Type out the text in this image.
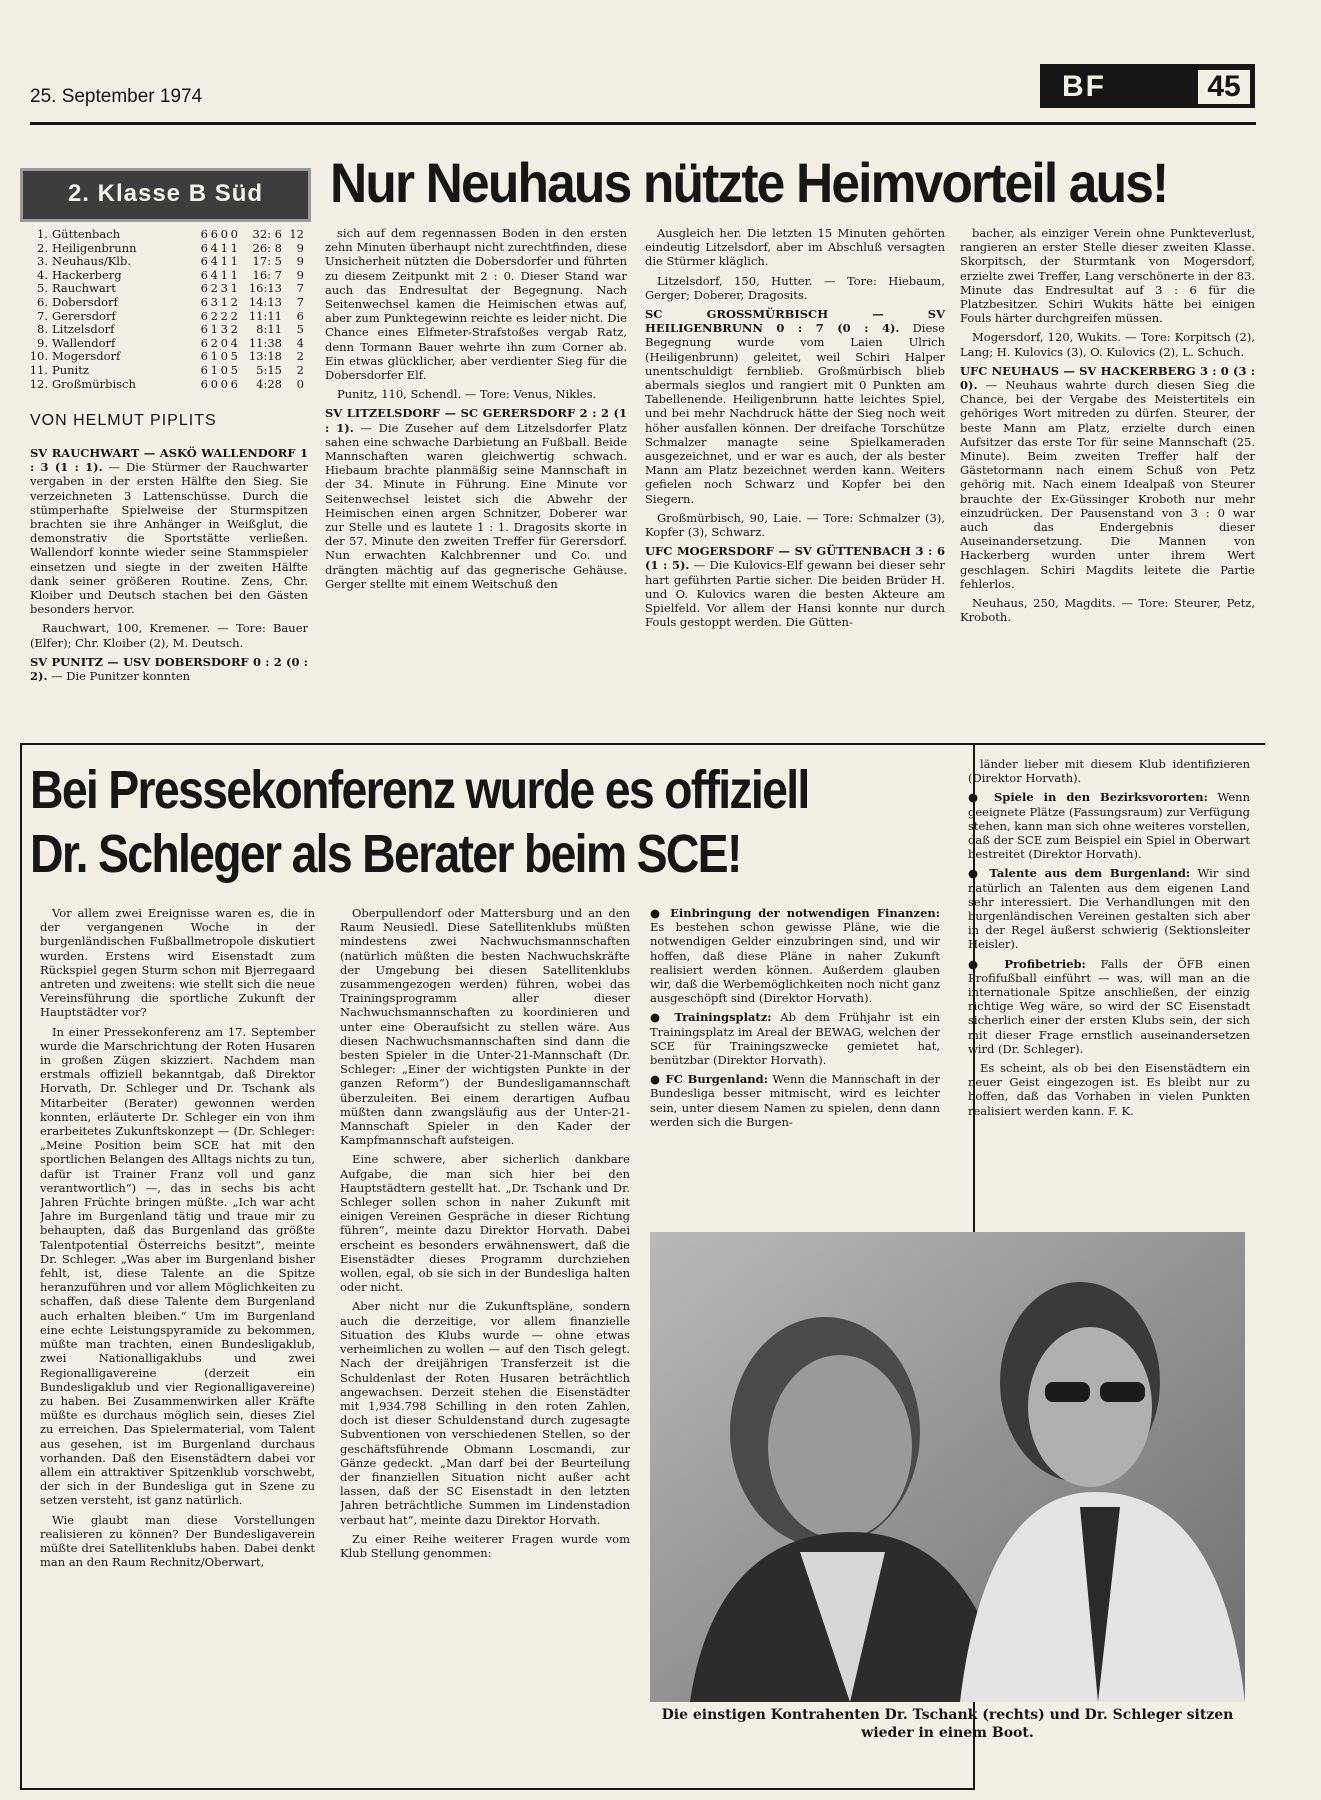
25. September 1974	BF	45
2. Klasse B Süd
1.	Güttenbach	6	6	0	0	32: 6	12
2.	Heiligenbrunn	6	4	1	1	26: 8	9
3.	Neuhaus/Klb.	6	4	1	1	17: 5	9
4.	Hackerberg	6	4	1	1	16: 7	9
5.	Rauchwart	6	2	3	1	16:13	7
6.	Dobersdorf	6	3	1	2	14:13	7
7.	Gerersdorf	6	2	2	2	11:11	6
8.	Litzelsdorf	6	1	3	2	8:11	5
9.	Wallendorf	6	2	0	4	11:38	4
10.	Mogersdorf	6	1	0	5	13:18	2
11.	Punitz	6	1	0	5	5:15	2
12.	Großmürbisch	6	0	0	6	4:28	0
VON HELMUT PIPLITS
Nur Neuhaus nützte Heimvorteil aus!

SV RAUCHWART — ASKÖ WALLENDORF 1 : 3 (1 : 1). — Die Stürmer der Rauchwarter vergaben in der ersten Hälfte den Sieg. Sie verzeichneten 3 Lattenschüsse. Durch die stümperhafte Spielweise der Sturmspitzen brachten sie ihre Anhänger in Weißglut, die demonstrativ die Sportstätte verließen. Wallendorf konnte wieder seine Stammspieler einsetzen und siegte in der zweiten Hälfte dank seiner größeren Routine. Zens, Chr. Kloiber und Deutsch stachen bei den Gästen besonders hervor.

Rauchwart, 100, Kremener. — Tore: Bauer (Elfer); Chr. Kloiber (2), M. Deutsch.

SV PUNITZ — USV DOBERSDORF 0 : 2 (0 : 2). — Die Punitzer konnten

sich auf dem regennassen Boden in den ersten zehn Minuten überhaupt nicht zurechtfinden, diese Unsicherheit nützten die Dobersdorfer und führten zu diesem Zeitpunkt mit 2 : 0. Dieser Stand war auch das Endresultat der Begegnung. Nach Seitenwechsel kamen die Heimischen etwas auf, aber zum Punktegewinn reichte es leider nicht. Die Chance eines Elfmeter-Strafstoßes vergab Ratz, denn Tormann Bauer wehrte ihn zum Corner ab. Ein etwas glücklicher, aber verdienter Sieg für die Dobersdorfer Elf.

Punitz, 110, Schendl. — Tore: Venus, Nikles.

SV LITZELSDORF — SC GERERSDORF 2 : 2 (1 : 1). — Die Zuseher auf dem Litzelsdorfer Platz sahen eine schwache Darbietung an Fußball. Beide Mannschaften waren gleichwertig schwach. Hiebaum brachte planmäßig seine Mannschaft in der 34. Minute in Führung. Eine Minute vor Seitenwechsel leistet sich die Abwehr der Heimischen einen argen Schnitzer, Doberer war zur Stelle und es lautete 1 : 1. Dragosits skorte in der 57. Minute den zweiten Treffer für Gerersdorf. Nun erwachten Kalchbrenner und Co. und drängten mächtig auf das gegnerische Gehäuse. Gerger stellte mit einem Weitschuß den

Ausgleich her. Die letzten 15 Minuten gehörten eindeutig Litzelsdorf, aber im Abschluß versagten die Stürmer kläglich.

Litzelsdorf, 150, Hutter. — Tore: Hiebaum, Gerger; Doberer, Dragosits.

SC GROSSMÜRBISCH — SV HEILIGENBRUNN 0 : 7 (0 : 4). Diese Begegnung wurde vom Laien Ulrich (Heiligenbrunn) geleitet, weil Schiri Halper unentschuldigt fernblieb. Großmürbisch blieb abermals sieglos und rangiert mit 0 Punkten am Tabellenende. Heiligenbrunn hatte leichtes Spiel, und bei mehr Nachdruck hätte der Sieg noch weit höher ausfallen können. Der dreifache Torschütze Schmalzer managte seine Spielkameraden ausgezeichnet, und er war es auch, der als bester Mann am Platz bezeichnet werden kann. Weiters gefielen noch Schwarz und Kopfer bei den Siegern.

Großmürbisch, 90, Laie. — Tore: Schmalzer (3), Kopfer (3), Schwarz.

UFC MOGERSDORF — SV GÜTTENBACH 3 : 6 (1 : 5). — Die Kulovics-Elf gewann bei dieser sehr hart geführten Partie sicher. Die beiden Brüder H. und O. Kulovics waren die besten Akteure am Spielfeld. Vor allem der Hansi konnte nur durch Fouls gestoppt werden. Die Gütten-

bacher, als einziger Verein ohne Punkteverlust, rangieren an erster Stelle dieser zweiten Klasse. Skorpitsch, der Sturmtank von Mogersdorf, erzielte zwei Treffer, Lang verschönerte in der 83. Minute das Endresultat auf 3 : 6 für die Platzbesitzer. Schiri Wukits hätte bei einigen Fouls härter durchgreifen müssen.

Mogersdorf, 120, Wukits. — Tore: Korpitsch (2), Lang; H. Kulovics (3), O. Kulovics (2), L. Schuch.

UFC NEUHAUS — SV HACKERBERG 3 : 0 (3 : 0). — Neuhaus wahrte durch diesen Sieg die Chance, bei der Vergabe des Meistertitels ein gehöriges Wort mitreden zu dürfen. Steurer, der beste Mann am Platz, erzielte durch einen Aufsitzer das erste Tor für seine Mannschaft (25. Minute). Beim zweiten Treffer half der Gästetormann nach einem Schuß von Petz gehörig mit. Nach einem Idealpaß von Steurer brauchte der Ex-Güssinger Kroboth nur mehr einzudrücken. Der Pausenstand von 3 : 0 war auch das Endergebnis dieser Auseinandersetzung. Die Mannen von Hackerberg wurden unter ihrem Wert geschlagen. Schiri Magdits leitete die Partie fehlerlos.

Neuhaus, 250, Magdits. — Tore: Steurer, Petz, Kroboth.

Bei Pressekonferenz wurde es offiziell
Dr. Schleger als Berater beim SCE!

Vor allem zwei Ereignisse waren es, die in der vergangenen Woche in der burgenländischen Fußballmetropole diskutiert wurden. Erstens wird Eisenstadt zum Rückspiel gegen Sturm schon mit Bjerregaard antreten und zweitens: wie stellt sich die neue Vereinsführung die sportliche Zukunft der Hauptstädter vor?

In einer Pressekonferenz am 17. September wurde die Marschrichtung der Roten Husaren in großen Zügen skizziert. Nachdem man erstmals offiziell bekanntgab, daß Direktor Horvath, Dr. Schleger und Dr. Tschank als Mitarbeiter (Berater) gewonnen werden konnten, erläuterte Dr. Schleger ein von ihm erarbeitetes Zukunftskonzept — (Dr. Schleger: „Meine Position beim SCE hat mit den sportlichen Belangen des Alltags nichts zu tun, dafür ist Trainer Franz voll und ganz verantwortlich“) —, das in sechs bis acht Jahren Früchte bringen müßte. „Ich war acht Jahre im Burgenland tätig und traue mir zu behaupten, daß das Burgenland das größte Talentpotential Österreichs besitzt“, meinte Dr. Schleger. „Was aber im Burgenland bisher fehlt, ist, diese Talente an die Spitze heranzuführen und vor allem Möglichkeiten zu schaffen, daß diese Talente dem Burgenland auch erhalten bleiben.“ Um im Burgenland eine echte Leistungspyramide zu bekommen, müßte man trachten, einen Bundesligaklub, zwei Nationalligaklubs und zwei Regionalligavereine (derzeit ein Bundesligaklub und vier Regionalligavereine) zu haben. Bei Zusammenwirken aller Kräfte müßte es durchaus möglich sein, dieses Ziel zu erreichen. Das Spielermaterial, vom Talent aus gesehen, ist im Burgenland durchaus vorhanden. Daß den Eisenstädtern dabei vor allem ein attraktiver Spitzenklub vorschwebt, der sich in der Bundesliga gut in Szene zu setzen versteht, ist ganz natürlich.

Wie glaubt man diese Vorstellungen realisieren zu können? Der Bundesligaverein müßte drei Satellitenklubs haben. Dabei denkt man an den Raum Rechnitz/Oberwart,

Oberpullendorf oder Mattersburg und an den Raum Neusiedl. Diese Satellitenklubs müßten mindestens zwei Nachwuchsmannschaften (natürlich müßten die besten Nachwuchskräfte der Umgebung bei diesen Satellitenklubs zusammengezogen werden) führen, wobei das Trainingsprogramm aller dieser Nachwuchsmannschaften zu koordinieren und unter eine Oberaufsicht zu stellen wäre. Aus diesen Nachwuchsmannschaften sind dann die besten Spieler in die Unter-21-Mannschaft (Dr. Schleger: „Einer der wichtigsten Punkte in der ganzen Reform“) der Bundesligamannschaft überzuleiten. Bei einem derartigen Aufbau müßten dann zwangsläufig aus der Unter-21-Mannschaft Spieler in den Kader der Kampfmannschaft aufsteigen.

Eine schwere, aber sicherlich dankbare Aufgabe, die man sich hier bei den Hauptstädtern gestellt hat. „Dr. Tschank und Dr. Schleger sollen schon in naher Zukunft mit einigen Vereinen Gespräche in dieser Richtung führen“, meinte dazu Direktor Horvath. Dabei erscheint es besonders erwähnenswert, daß die Eisenstädter dieses Programm durchziehen wollen, egal, ob sie sich in der Bundesliga halten oder nicht.

Aber nicht nur die Zukunftspläne, sondern auch die derzeitige, vor allem finanzielle Situation des Klubs wurde — ohne etwas verheimlichen zu wollen — auf den Tisch gelegt. Nach der dreijährigen Transferzeit ist die Schuldenlast der Roten Husaren beträchtlich angewachsen. Derzeit stehen die Eisenstädter mit 1,934.798 Schilling in den roten Zahlen, doch ist dieser Schuldenstand durch zugesagte Subventionen von verschiedenen Stellen, so der geschäftsführende Obmann Loscmandi, zur Gänze gedeckt. „Man darf bei der Beurteilung der finanziellen Situation nicht außer acht lassen, daß der SC Eisenstadt in den letzten Jahren beträchtliche Summen im Lindenstadion verbaut hat“, meinte dazu Direktor Horvath.

Zu einer Reihe weiterer Fragen wurde vom Klub Stellung genommen:

● Einbringung der notwendigen Finanzen: Es bestehen schon gewisse Pläne, wie die notwendigen Gelder einzubringen sind, und wir hoffen, daß diese Pläne in naher Zukunft realisiert werden können. Außerdem glauben wir, daß die Werbemöglichkeiten noch nicht ganz ausgeschöpft sind (Direktor Horvath).

● Trainingsplatz: Ab dem Frühjahr ist ein Trainingsplatz im Areal der BEWAG, welchen der SCE für Trainingszwecke gemietet hat, benützbar (Direktor Horvath).

● FC Burgenland: Wenn die Mannschaft in der Bundesliga besser mitmischt, wird es leichter sein, unter diesem Namen zu spielen, denn dann werden sich die Burgen-

länder lieber mit diesem Klub identifizieren (Direktor Horvath).

● Spiele in den Bezirksvororten: Wenn geeignete Plätze (Fassungsraum) zur Verfügung stehen, kann man sich ohne weiteres vorstellen, daß der SCE zum Beispiel ein Spiel in Oberwart bestreitet (Direktor Horvath).

● Talente aus dem Burgenland: Wir sind natürlich an Talenten aus dem eigenen Land sehr interessiert. Die Verhandlungen mit den burgenländischen Vereinen gestalten sich aber in der Regel äußerst schwierig (Sektionsleiter Heisler).

● Profibetrieb: Falls der ÖFB einen Profifußball einführt — was, will man an die internationale Spitze anschließen, der einzig richtige Weg wäre, so wird der SC Eisenstadt sicherlich einer der ersten Klubs sein, der sich mit dieser Frage ernstlich auseinandersetzen wird (Dr. Schleger).

Es scheint, als ob bei den Eisenstädtern ein neuer Geist eingezogen ist. Es bleibt nur zu hoffen, daß das Vorhaben in vielen Punkten realisiert werden kann. F. K.

Die einstigen Kontrahenten Dr. Tschank (rechts) und Dr. Schleger sitzen wieder in einem Boot.
